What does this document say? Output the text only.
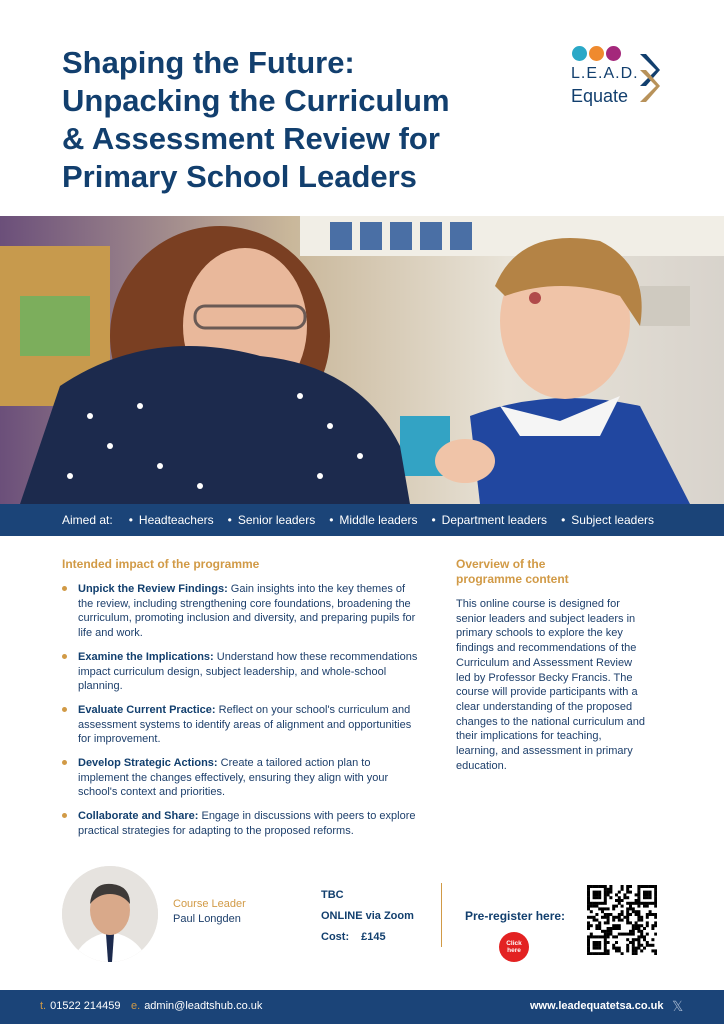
Shaping the Future:
Unpacking the Curriculum
& Assessment Review for
Primary School Leaders
L.E.A.D.
Equate
Aimed at:	• Headteachers	• Senior leaders	• Middle leaders	• Department leaders	• Subject leaders
Intended impact of the programme
Unpick the Review Findings: Gain insights into the key themes of the review, including strengthening core foundations, broadening the curriculum, promoting inclusion and diversity, and preparing pupils for life and work.
Examine the Implications: Understand how these recommendations impact curriculum design, subject leadership, and whole-school planning.
Evaluate Current Practice: Reflect on your school's curriculum and assessment systems to identify areas of alignment and opportunities for improvement.
Develop Strategic Actions: Create a tailored action plan to implement the changes effectively, ensuring they align with your school's context and priorities.
Collaborate and Share: Engage in discussions with peers to explore practical strategies for adapting to the proposed reforms.
Overview of the
programme content

This online course is designed for senior leaders and subject leaders in primary schools to explore the key findings and recommendations of the Curriculum and Assessment Review led by Professor Becky Francis. The course will provide participants with a clear understanding of the proposed changes to the national curriculum and their implications for teaching, learning, and assessment in primary education.

Course Leader
Paul Longden
TBC
ONLINE via Zoom
Cost: £145
Pre-register here:
Click
here
t. 01522 214459 e. admin@leadtshub.co.uk	www.leadequatetsa.co.uk 𝕏
